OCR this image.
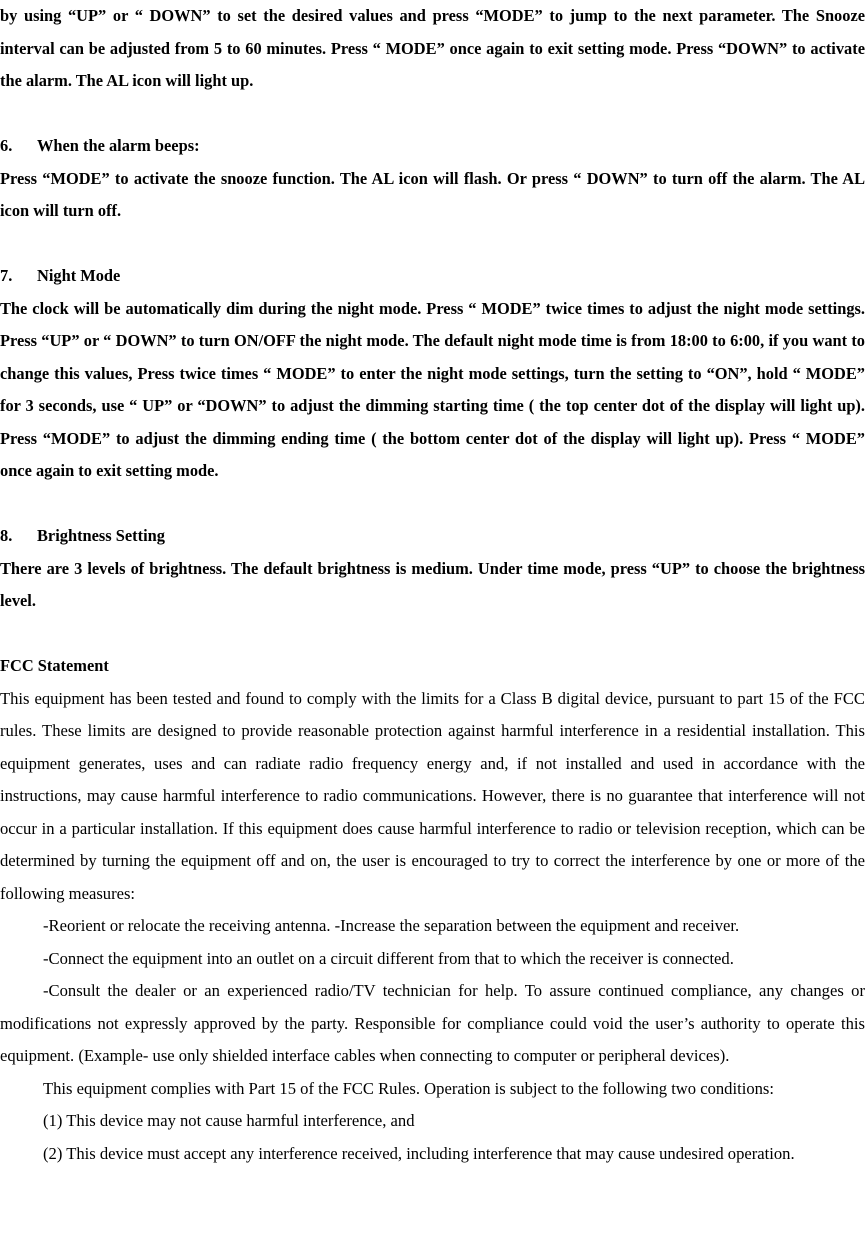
by using “UP” or “ DOWN” to set the desired values and press “MODE” to jump to the next parameter. The Snooze interval can be adjusted from 5 to 60 minutes. Press “ MODE” once again to exit setting mode. Press “DOWN” to activate the alarm. The AL icon will light up.

6. When the alarm beeps:

Press “MODE” to activate the snooze function. The AL icon will flash. Or press “ DOWN” to turn off the alarm. The AL icon will turn off.

7. Night Mode

The clock will be automatically dim during the night mode. Press “ MODE” twice times to adjust the night mode settings. Press “UP” or “ DOWN” to turn ON/OFF the night mode. The default night mode time is from 18:00 to 6:00, if you want to change this values, Press twice times “ MODE” to enter the night mode settings, turn the setting to “ON”, hold “ MODE” for 3 seconds, use “ UP” or “DOWN” to adjust the dimming starting time ( the top center dot of the display will light up). Press “MODE” to adjust the dimming ending time ( the bottom center dot of the display will light up). Press “ MODE” once again to exit setting mode.

8. Brightness Setting

There are 3 levels of brightness. The default brightness is medium. Under time mode, press “UP” to choose the brightness level.

FCC Statement

This equipment has been tested and found to comply with the limits for a Class B digital device, pursuant to part 15 of the FCC rules. These limits are designed to provide reasonable protection against harmful interference in a residential installation. This equipment generates, uses and can radiate radio frequency energy and, if not installed and used in accordance with the instructions, may cause harmful interference to radio communications. However, there is no guarantee that interference will not occur in a particular installation. If this equipment does cause harmful interference to radio or television reception, which can be determined by turning the equipment off and on, the user is encouraged to try to correct the interference by one or more of the following measures:

-Reorient or relocate the receiving antenna. -Increase the separation between the equipment and receiver.

-Connect the equipment into an outlet on a circuit different from that to which the receiver is connected.

-Consult the dealer or an experienced radio/TV technician for help. To assure continued compliance, any changes or modifications not expressly approved by the party. Responsible for compliance could void the user’s authority to operate this equipment. (Example- use only shielded interface cables when connecting to computer or peripheral devices).

This equipment complies with Part 15 of the FCC Rules. Operation is subject to the following two conditions:

(1) This device may not cause harmful interference, and

(2) This device must accept any interference received, including interference that may cause undesired operation.
